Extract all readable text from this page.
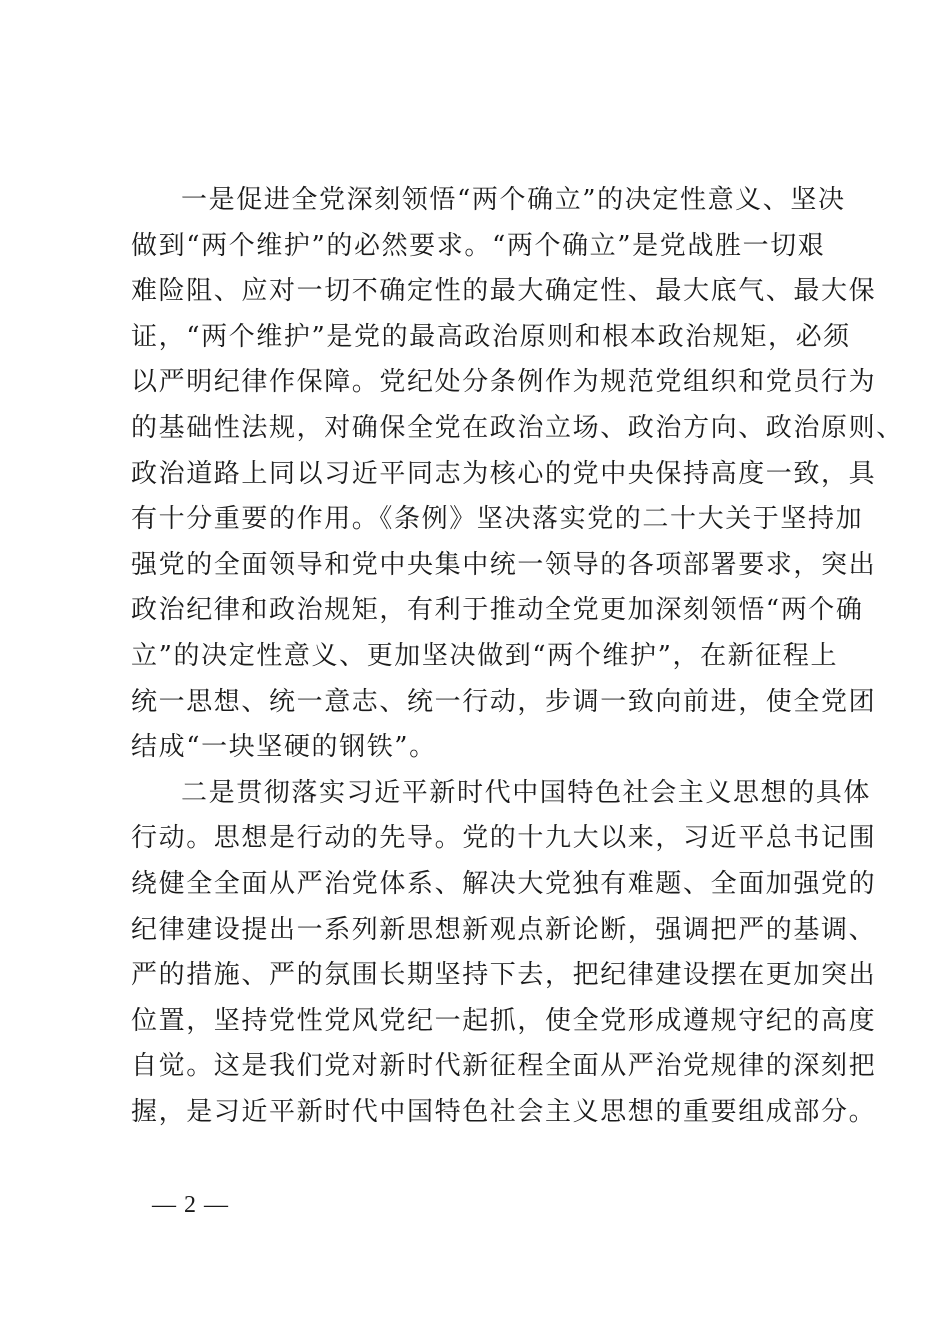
一是促进全党深刻领悟“两个确立”的决定性意义、坚决
做到“两个维护”的必然要求。“两个确立”是党战胜一切艰
难险阻、应对一切不确定性的最大确定性、最大底气、最大保
证，“两个维护”是党的最高政治原则和根本政治规矩，必须
以严明纪律作保障。党纪处分条例作为规范党组织和党员行为
的基础性法规，对确保全党在政治立场、政治方向、政治原则、
政治道路上同以习近平同志为核心的党中央保持高度一致，具
有十分重要的作用。《条例》坚决落实党的二十大关于坚持加
强党的全面领导和党中央集中统一领导的各项部署要求，突出
政治纪律和政治规矩，有利于推动全党更加深刻领悟“两个确
立”的决定性意义、更加坚决做到“两个维护”，在新征程上
统一思想、统一意志、统一行动，步调一致向前进，使全党团
结成“一块坚硬的钢铁”。
二是贯彻落实习近平新时代中国特色社会主义思想的具体
行动。思想是行动的先导。党的十九大以来，习近平总书记围
绕健全全面从严治党体系、解决大党独有难题、全面加强党的
纪律建设提出一系列新思想新观点新论断，强调把严的基调、
严的措施、严的氛围长期坚持下去，把纪律建设摆在更加突出
位置，坚持党性党风党纪一起抓，使全党形成遵规守纪的高度
自觉。这是我们党对新时代新征程全面从严治党规律的深刻把
握，是习近平新时代中国特色社会主义思想的重要组成部分。
— 2 —
